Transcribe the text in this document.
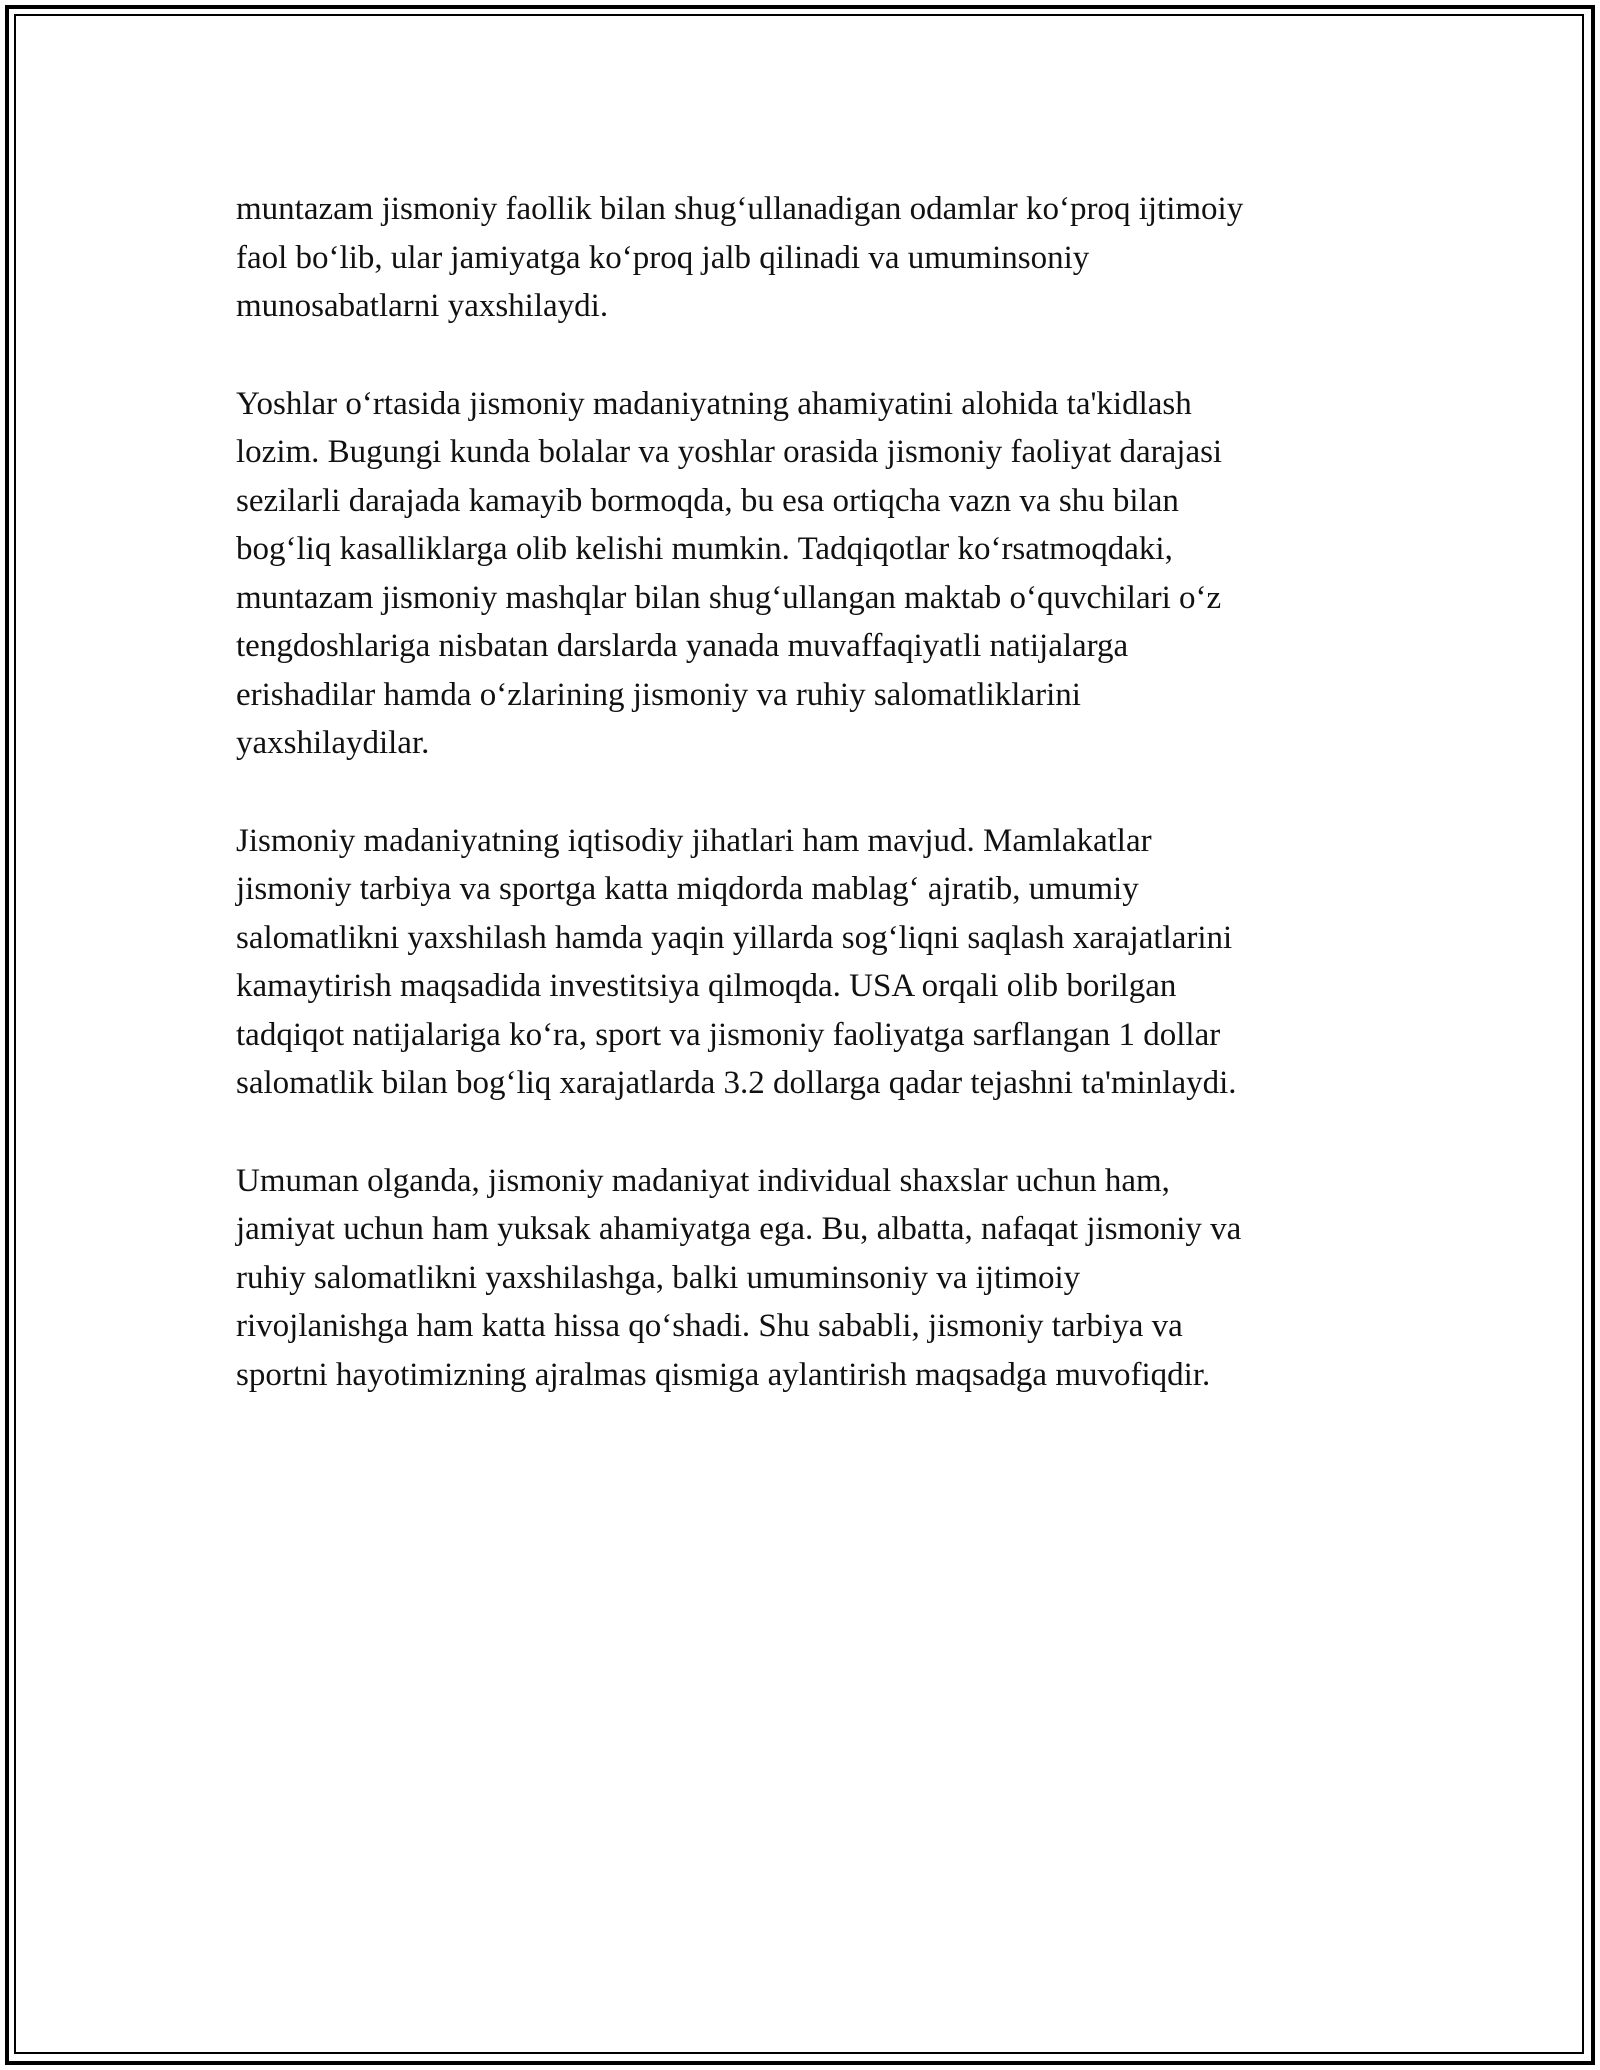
muntazam jismoniy faollik bilan shug‘ullanadigan odamlar ko‘proq ijtimoiy
faol bo‘lib, ular jamiyatga ko‘proq jalb qilinadi va umuminsoniy
munosabatlarni yaxshilaydi.

Yoshlar o‘rtasida jismoniy madaniyatning ahamiyatini alohida ta'kidlash
lozim. Bugungi kunda bolalar va yoshlar orasida jismoniy faoliyat darajasi
sezilarli darajada kamayib bormoqda, bu esa ortiqcha vazn va shu bilan
bog‘liq kasalliklarga olib kelishi mumkin. Tadqiqotlar ko‘rsatmoqdaki,
muntazam jismoniy mashqlar bilan shug‘ullangan maktab o‘quvchilari o‘z
tengdoshlariga nisbatan darslarda yanada muvaffaqiyatli natijalarga
erishadilar hamda o‘zlarining jismoniy va ruhiy salomatliklarini
yaxshilaydilar.

Jismoniy madaniyatning iqtisodiy jihatlari ham mavjud. Mamlakatlar
jismoniy tarbiya va sportga katta miqdorda mablag‘ ajratib, umumiy
salomatlikni yaxshilash hamda yaqin yillarda sog‘liqni saqlash xarajatlarini
kamaytirish maqsadida investitsiya qilmoqda. USA orqali olib borilgan
tadqiqot natijalariga ko‘ra, sport va jismoniy faoliyatga sarflangan 1 dollar
salomatlik bilan bog‘liq xarajatlarda 3.2 dollarga qadar tejashni ta'minlaydi.

Umuman olganda, jismoniy madaniyat individual shaxslar uchun ham,
jamiyat uchun ham yuksak ahamiyatga ega. Bu, albatta, nafaqat jismoniy va
ruhiy salomatlikni yaxshilashga, balki umuminsoniy va ijtimoiy
rivojlanishga ham katta hissa qo‘shadi. Shu sababli, jismoniy tarbiya va
sportni hayotimizning ajralmas qismiga aylantirish maqsadga muvofiqdir.
